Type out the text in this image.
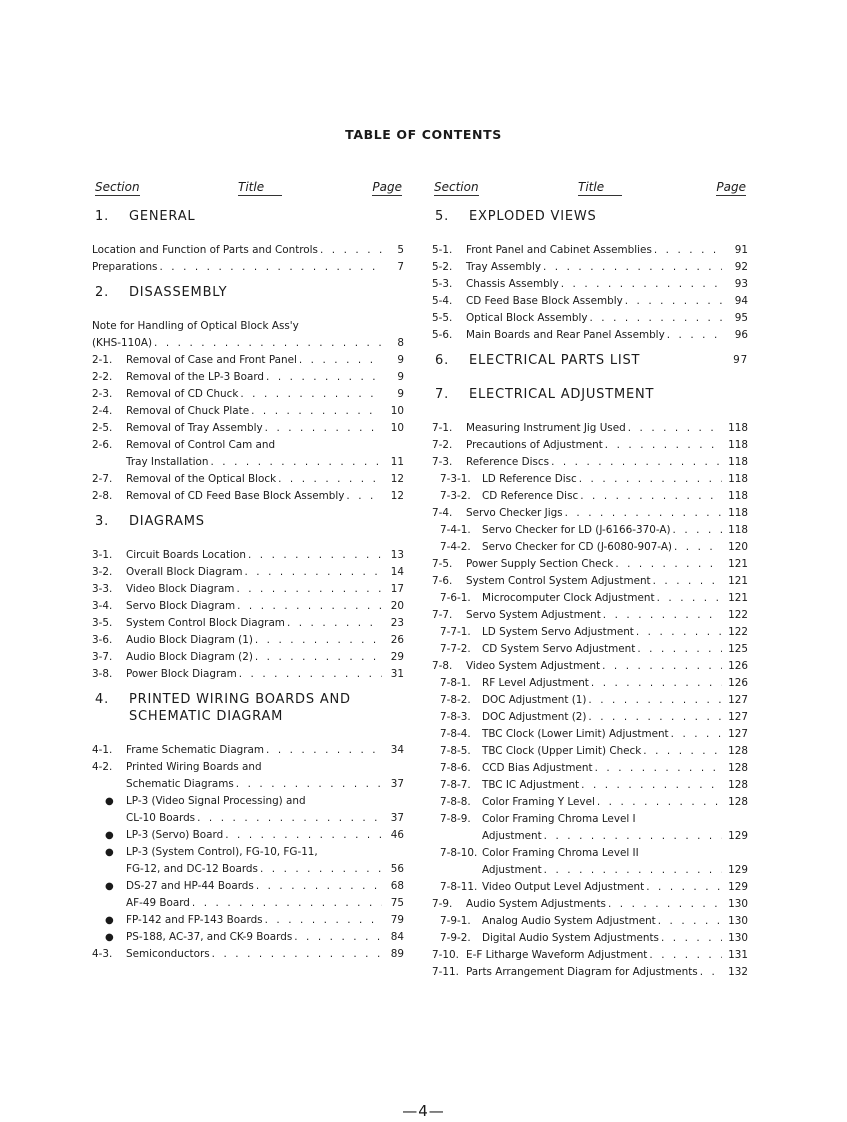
TABLE OF CONTENTS
Section	Title	Page
1.	GENERAL
Location and Function of Parts and Controls . . .	5
Preparations . . .	7
2.	DISASSEMBLY
Note for Handling of Optical Block Ass'y
(KHS-110A) . . .	8
2-1.	Removal of Case and Front Panel . . .	9
2-2.	Removal of the LP-3 Board . . .	9
2-3.	Removal of CD Chuck . . .	9
2-4.	Removal of Chuck Plate . . .	10
2-5.	Removal of Tray Assembly . . .	10
2-6.	Removal of Control Cam and
Tray Installation . . .	11
2-7.	Removal of the Optical Block . . .	12
2-8.	Removal of CD Feed Base Block Assembly . . .	12
3.	DIAGRAMS
3-1.	Circuit Boards Location . . .	13
3-2.	Overall Block Diagram . . .	14
3-3.	Video Block Diagram . . .	17
3-4.	Servo Block Diagram . . .	20
3-5.	System Control Block Diagram . . .	23
3-6.	Audio Block Diagram (1) . . .	26
3-7.	Audio Block Diagram (2) . . .	29
3-8.	Power Block Diagram . . .	31
4.	PRINTED WIRING BOARDS AND
SCHEMATIC DIAGRAM
4-1.	Frame Schematic Diagram . . .	34
4-2.	Printed Wiring Boards and
Schematic Diagrams . . .	37
●	LP-3 (Video Signal Processing) and
CL-10 Boards . . .	37
●	LP-3 (Servo) Board . . .	46
●	LP-3 (System Control), FG-10, FG-11,
FG-12, and DC-12 Boards . . .	56
●	DS-27 and HP-44 Boards . . .	68
AF-49 Board . . .	75
●	FP-142 and FP-143 Boards . . .	79
●	PS-188, AC-37, and CK-9 Boards . . .	84
4-3.	Semiconductors . . .	89
Section	Title	Page
5.	EXPLODED VIEWS
5-1.	Front Panel and Cabinet Assemblies . . .	91
5-2.	Tray Assembly . . .	92
5-3.	Chassis Assembly . . .	93
5-4.	CD Feed Base Block Assembly . . .	94
5-5.	Optical Block Assembly . . .	95
5-6.	Main Boards and Rear Panel Assembly . . .	96
6.	ELECTRICAL PARTS LIST	97
7.	ELECTRICAL ADJUSTMENT
7-1.	Measuring Instrument Jig Used . . .	118
7-2.	Precautions of Adjustment . . .	118
7-3.	Reference Discs . . .	118
7-3-1.	LD Reference Disc . . .	118
7-3-2.	CD Reference Disc . . .	118
7-4.	Servo Checker Jigs . . .	118
7-4-1.	Servo Checker for LD (J-6166-370-A) . . .	118
7-4-2.	Servo Checker for CD (J-6080-907-A) . . .	120
7-5.	Power Supply Section Check . . .	121
7-6.	System Control System Adjustment . . .	121
7-6-1.	Microcomputer Clock Adjustment . . .	121
7-7.	Servo System Adjustment . . .	122
7-7-1.	LD System Servo Adjustment . . .	122
7-7-2.	CD System Servo Adjustment . . .	125
7-8.	Video System Adjustment . . .	126
7-8-1.	RF Level Adjustment . . .	126
7-8-2.	DOC Adjustment (1) . . .	127
7-8-3.	DOC Adjustment (2) . . .	127
7-8-4.	TBC Clock (Lower Limit) Adjustment . . .	127
7-8-5.	TBC Clock (Upper Limit) Check . . .	128
7-8-6.	CCD Bias Adjustment . . .	128
7-8-7.	TBC IC Adjustment . . .	128
7-8-8.	Color Framing Y Level . . .	128
7-8-9.	Color Framing Chroma Level I
Adjustment . . .	129
7-8-10. Color Framing Chroma Level II
Adjustment . . .	129
7-8-11. Video Output Level Adjustment . . .	129
7-9.	Audio System Adjustments . . .	130
7-9-1.	Analog Audio System Adjustment . . .	130
7-9-2.	Digital Audio System Adjustments . . .	130
7-10. E-F Litharge Waveform Adjustment . . .	131
7-11. Parts Arrangement Diagram for Adjustments . . .	132
—4—
